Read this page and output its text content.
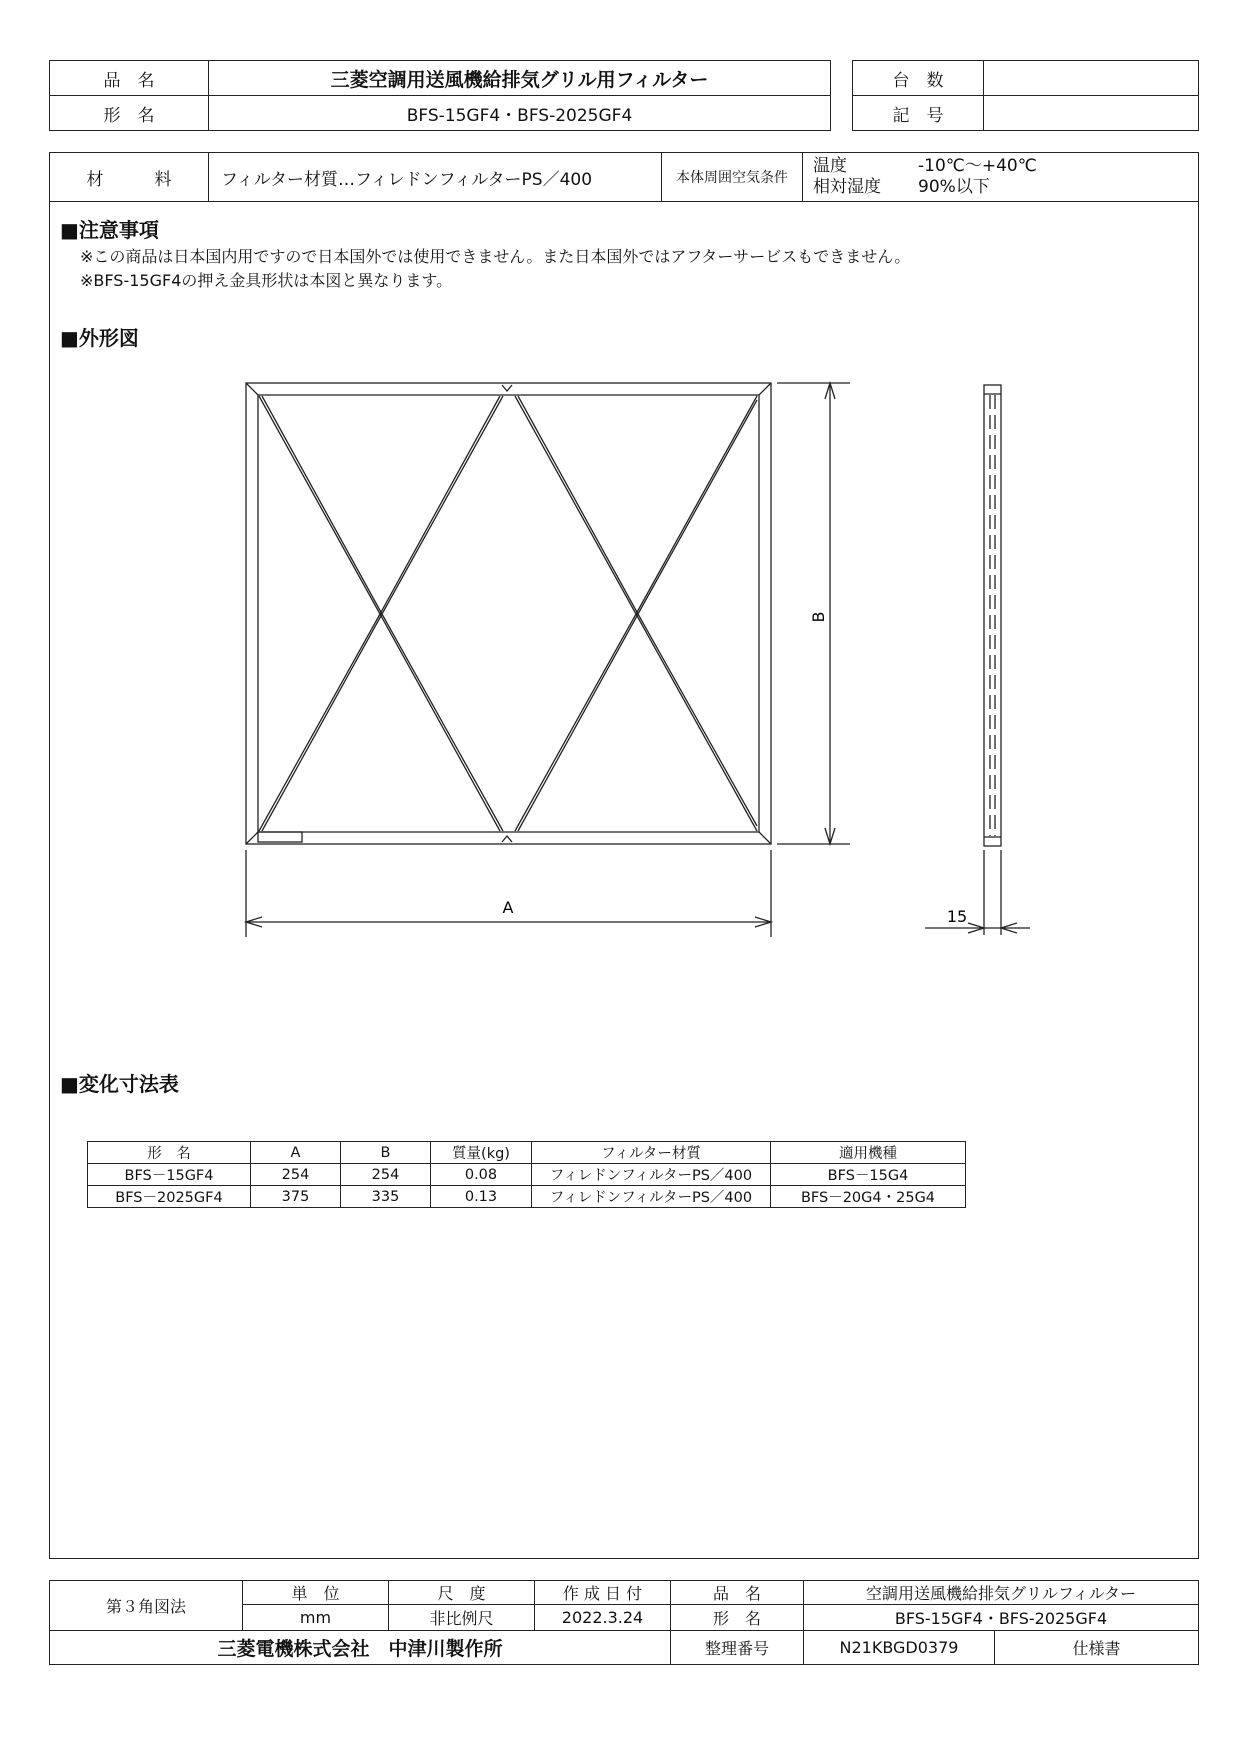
品　名	三菱空調用送風機給排気グリル用フィルター
形　名	BFS-15GF4・BFS-2025GF4
台　数	
記　号	
材　　　料	フィルター材質…フィレドンフィルターPS／400	本体周囲空気条件	温度	-10℃～+40℃
相対湿度 90%以下
■注意事項
※この商品は日本国内用ですので日本国外では使用できません。また日本国外ではアフターサービスもできません。
※BFS-15GF4の押え金具形状は本図と異なります。
■外形図
A
B
15
■変化寸法表
形　名	A	B	質量(kg)	フィルター材質	適用機種
BFS－15GF4	254	254	0.08	フィレドンフィルターPS／400	BFS－15G4
BFS－2025GF4	375	335	0.13	フィレドンフィルターPS／400	BFS－20G4・25G4
第３角図法	単　位	尺　度	作 成 日 付	品　名	空調用送風機給排気グリルフィルター	
	mm	非比例尺	2022.3.24	形　名	BFS-15GF4・BFS-2025GF4	
三菱電機株式会社　中津川製作所				整理番号	N21KBGD0379	仕様書
